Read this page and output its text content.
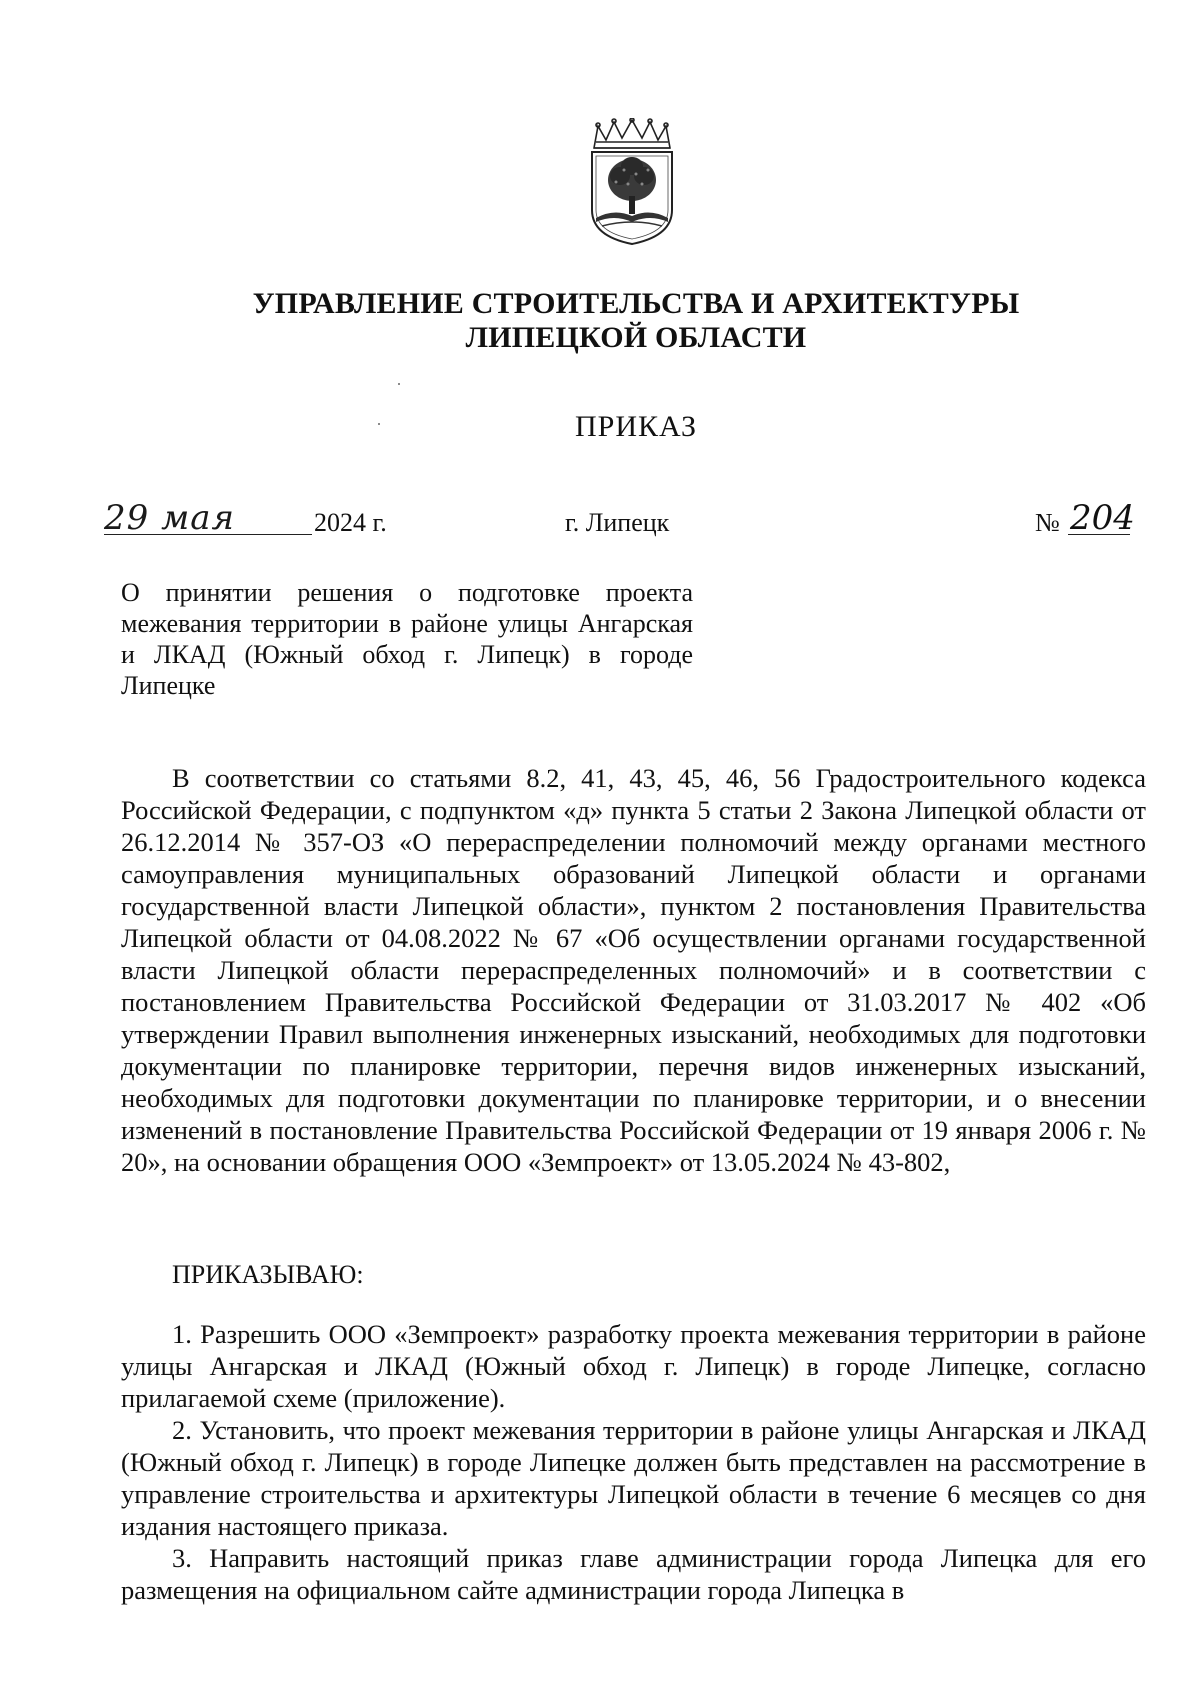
УПРАВЛЕНИЕ СТРОИТЕЛЬСТВА И АРХИТЕКТУРЫ
ЛИПЕЦКОЙ ОБЛАСТИ
ПРИКАЗ
29 мая	2024 г.	г. Липецк	№ 204
О принятии решения о подготовке проекта межевания территории в районе улицы Ангарская и ЛКАД (Южный обход г. Липецк) в городе Липецке

В соответствии со статьями 8.2, 41, 43, 45, 46, 56 Градостроительного кодекса Российской Федерации, с подпунктом «д» пункта 5 статьи 2 Закона Липецкой области от 26.12.2014 № 357-ОЗ «О перераспределении полномочий между органами местного самоуправления муниципальных образований Липецкой области и органами государственной власти Липецкой области», пунктом 2 постановления Правительства Липецкой области от 04.08.2022 № 67 «Об осуществлении органами государственной власти Липецкой области перераспределенных полномочий» и в соответствии с постановлением Правительства Российской Федерации от 31.03.2017 № 402 «Об утверждении Правил выполнения инженерных изысканий, необходимых для подготовки документации по планировке территории, перечня видов инженерных изысканий, необходимых для подготовки документации по планировке территории, и о внесении изменений в постановление Правительства Российской Федерации от 19 января 2006 г. № 20», на основании обращения ООО «Земпроект» от 13.05.2024 № 43-802,

ПРИКАЗЫВАЮ:

1. Разрешить ООО «Земпроект» разработку проекта межевания территории в районе улицы Ангарская и ЛКАД (Южный обход г. Липецк) в городе Липецке, согласно прилагаемой схеме (приложение).

2. Установить, что проект межевания территории в районе улицы Ангарская и ЛКАД (Южный обход г. Липецк) в городе Липецке должен быть представлен на рассмотрение в управление строительства и архитектуры Липецкой области в течение 6 месяцев со дня издания настоящего приказа.

3. Направить настоящий приказ главе администрации города Липецка для его размещения на официальном сайте администрации города Липецка в
